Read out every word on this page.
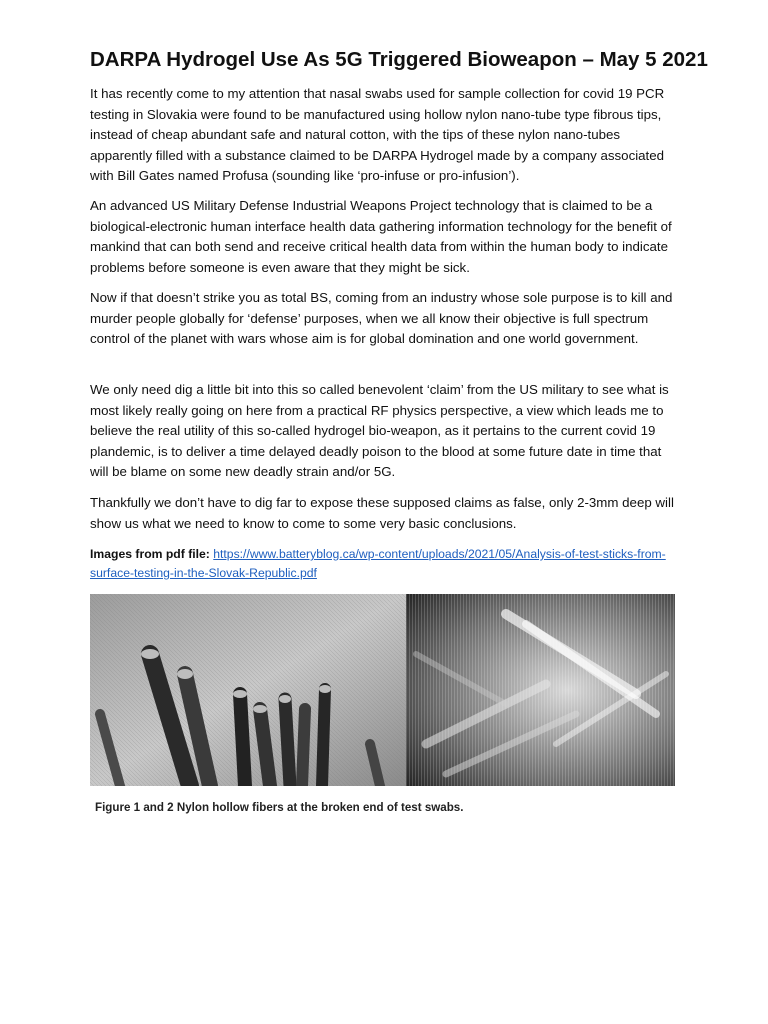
DARPA Hydrogel Use As 5G Triggered Bioweapon – May 5 2021

It has recently come to my attention that nasal swabs used for sample collection for covid 19 PCR testing in Slovakia were found to be manufactured using hollow nylon nano-tube type fibrous tips, instead of cheap abundant safe and natural cotton, with the tips of these nylon nano-tubes apparently filled with a substance claimed to be DARPA Hydrogel made by a company associated with Bill Gates named Profusa (sounding like ‘pro-infuse or pro-infusion’).

An advanced US Military Defense Industrial Weapons Project technology that is claimed to be a biological-electronic human interface health data gathering information technology for the benefit of mankind that can both send and receive critical health data from within the human body to indicate problems before someone is even aware that they might be sick.

Now if that doesn’t strike you as total BS, coming from an industry whose sole purpose is to kill and murder people globally for ‘defense’ purposes, when we all know their objective is full spectrum control of the planet with wars whose aim is for global domination and one world government.

We only need dig a little bit into this so called benevolent ‘claim’ from the US military to see what is most likely really going on here from a practical RF physics perspective, a view which leads me to believe the real utility of this so-called hydrogel bio-weapon, as it pertains to the current covid 19 plandemic, is to deliver a time delayed deadly poison to the blood at some future date in time that will be blame on some new deadly strain and/or 5G.

Thankfully we don’t have to dig far to expose these supposed claims as false, only 2-3mm deep will show us what we need to know to come to some very basic conclusions.

Images from pdf file: https://www.batteryblog.ca/wp-content/uploads/2021/05/Analysis-of-test-sticks-from-surface-testing-in-the-Slovak-Republic.pdf

Figure 1 and 2 Nylon hollow fibers at the broken end of test swabs.
